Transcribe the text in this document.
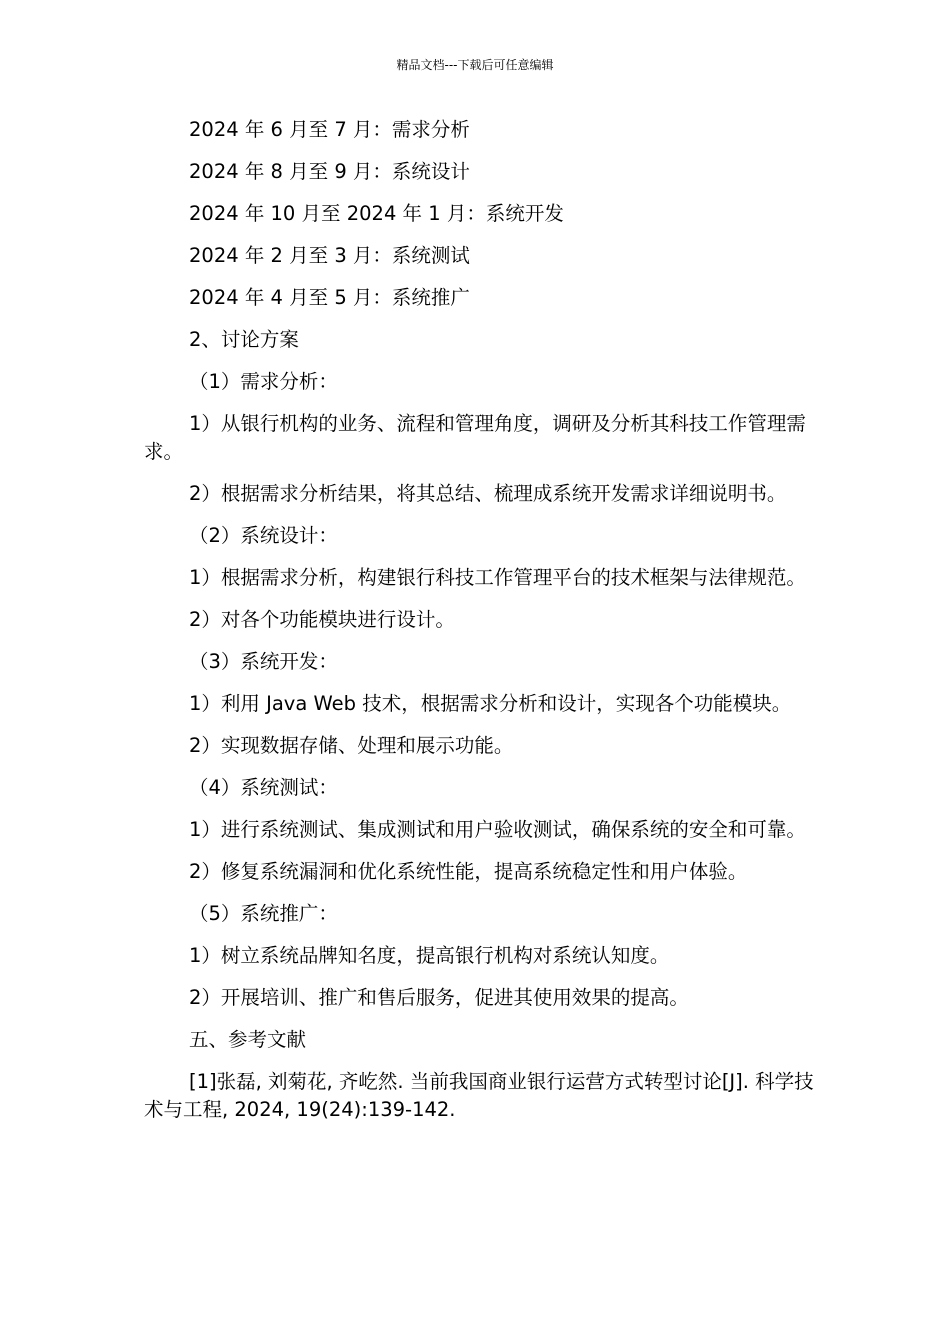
精品文档---下载后可任意编辑
2024 年 6 月至 7 月：需求分析
2024 年 8 月至 9 月：系统设计
2024 年 10 月至 2024 年 1 月：系统开发
2024 年 2 月至 3 月：系统测试
2024 年 4 月至 5 月：系统推广
2、讨论方案
（1）需求分析：
1）从银行机构的业务、流程和管理角度，调研及分析其科技工作管理需求。
2）根据需求分析结果，将其总结、梳理成系统开发需求详细说明书。
（2）系统设计：
1）根据需求分析，构建银行科技工作管理平台的技术框架与法律规范。
2）对各个功能模块进行设计。
（3）系统开发：
1）利用 Java Web 技术，根据需求分析和设计，实现各个功能模块。
2）实现数据存储、处理和展示功能。
（4）系统测试：
1）进行系统测试、集成测试和用户验收测试，确保系统的安全和可靠。
2）修复系统漏洞和优化系统性能，提高系统稳定性和用户体验。
（5）系统推广：
1）树立系统品牌知名度，提高银行机构对系统认知度。
2）开展培训、推广和售后服务，促进其使用效果的提高。
五、参考文献
[1]张磊, 刘菊花, 齐屹然. 当前我国商业银行运营方式转型讨论[J]. 科学技术与工程, 2024, 19(24):139-142.
